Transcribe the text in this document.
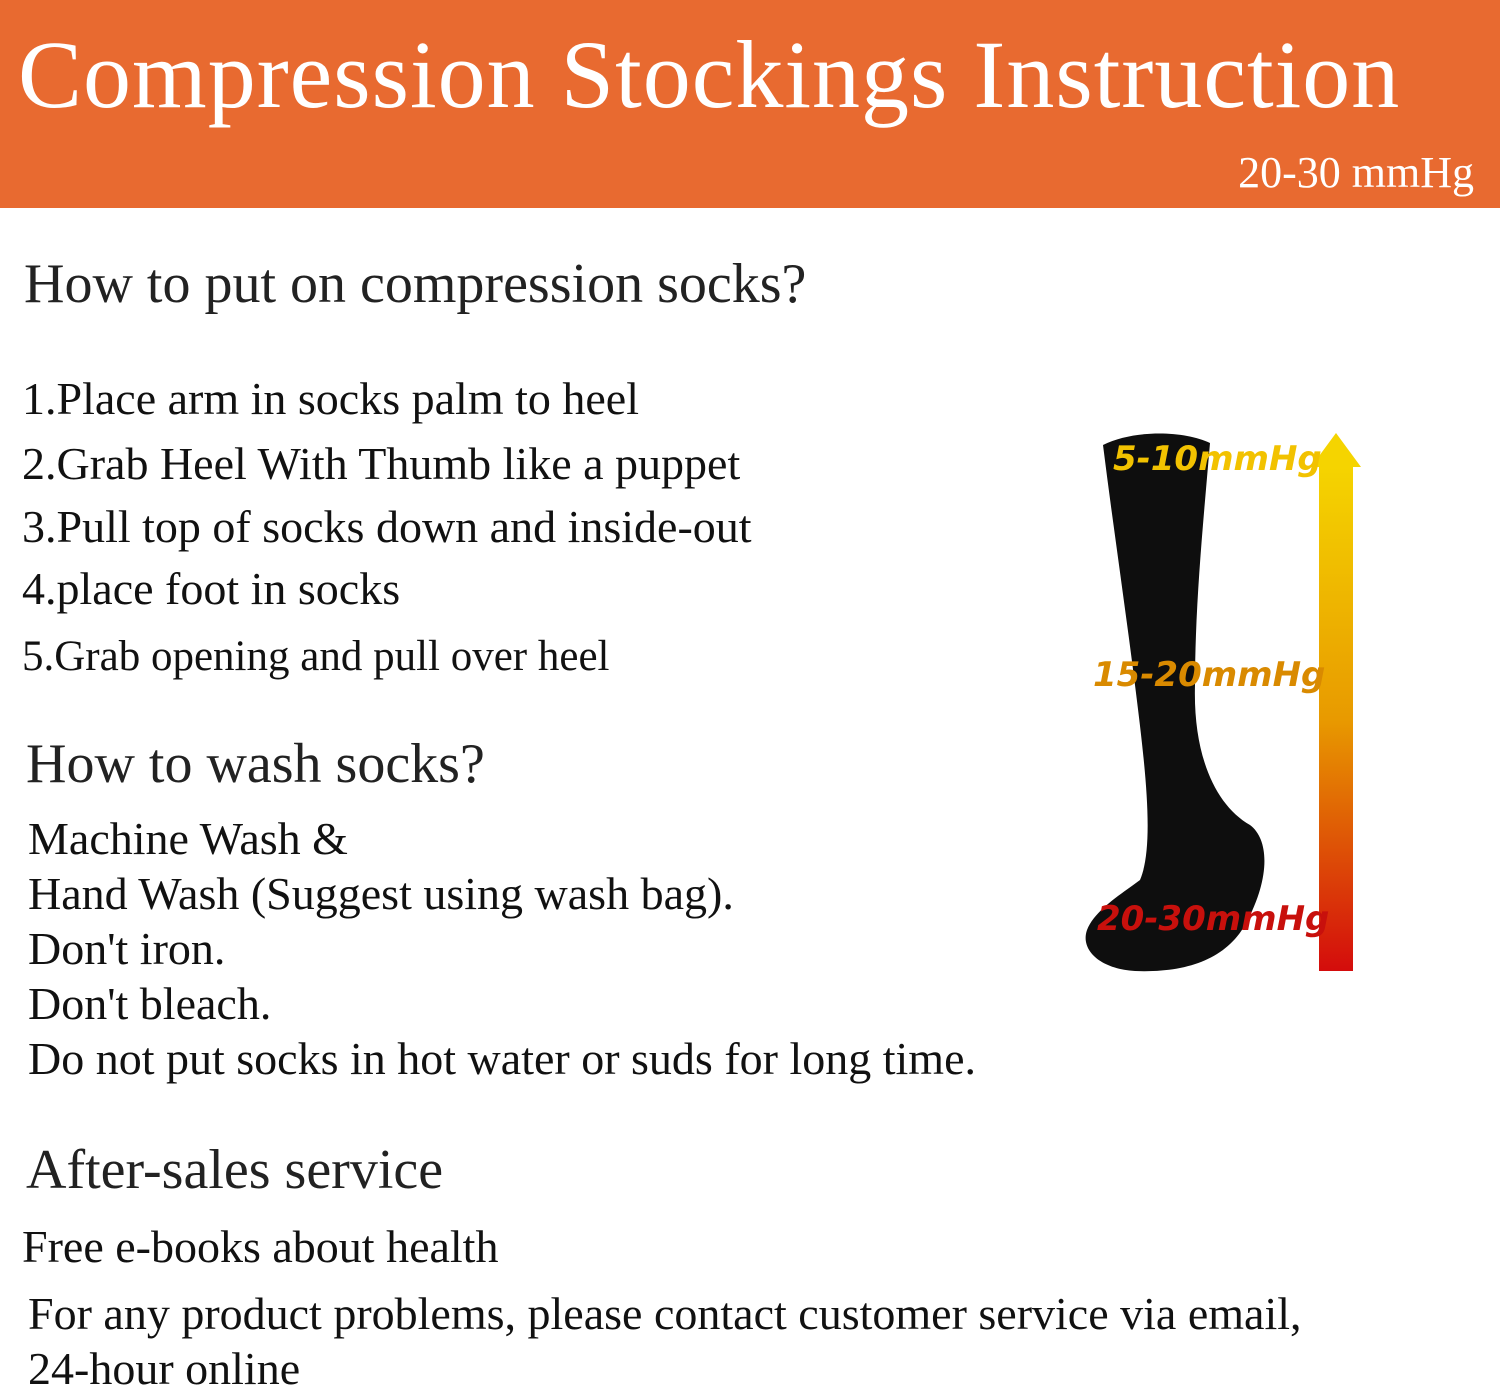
Compression Stockings Instruction
20-30 mmHg
How to put on compression socks?
1.Place arm in socks palm to heel
2.Grab Heel With Thumb like a puppet
3.Pull top of socks down and inside-out
4.place foot in socks
5.Grab opening and pull over heel
How to wash socks?
Machine Wash &
Hand Wash (Suggest using wash bag).
Don't iron.
Don't bleach.
Do not put socks in hot water or suds for long time.
After-sales service
Free e-books about health
For any product problems, please contact customer service via email,
24-hour online
5-10mmHg
15-20mmHg
20-30mmHg
